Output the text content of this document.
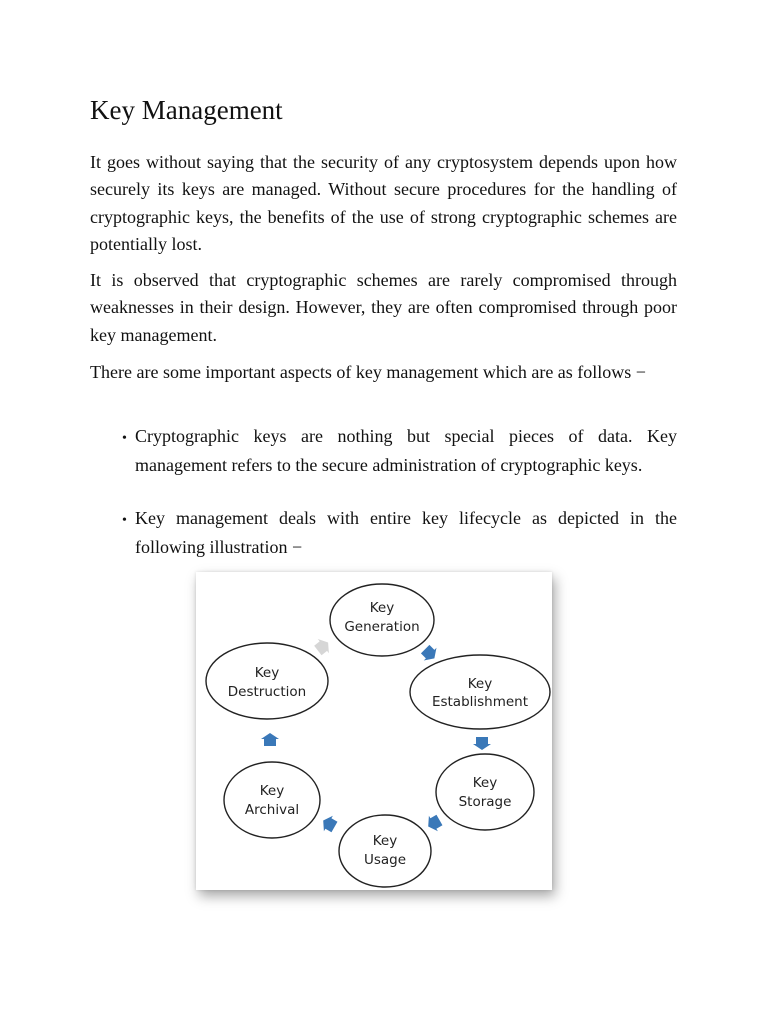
Key Management

It goes without saying that the security of any cryptosystem depends upon how securely its keys are managed. Without secure procedures for the handling of cryptographic keys, the benefits of the use of strong cryptographic schemes are potentially lost.

It is observed that cryptographic schemes are rarely compromised through weaknesses in their design. However, they are often compromised through poor key management.

There are some important aspects of key management which are as follows −

• Cryptographic keys are nothing but special pieces of data. Key management refers to the secure administration of cryptographic keys.
• Key management deals with entire key lifecycle as depicted in the following illustration −
Key
Generation
Key
Establishment
Key
Storage
Key
Usage
Key
Archival
Key
Destruction
